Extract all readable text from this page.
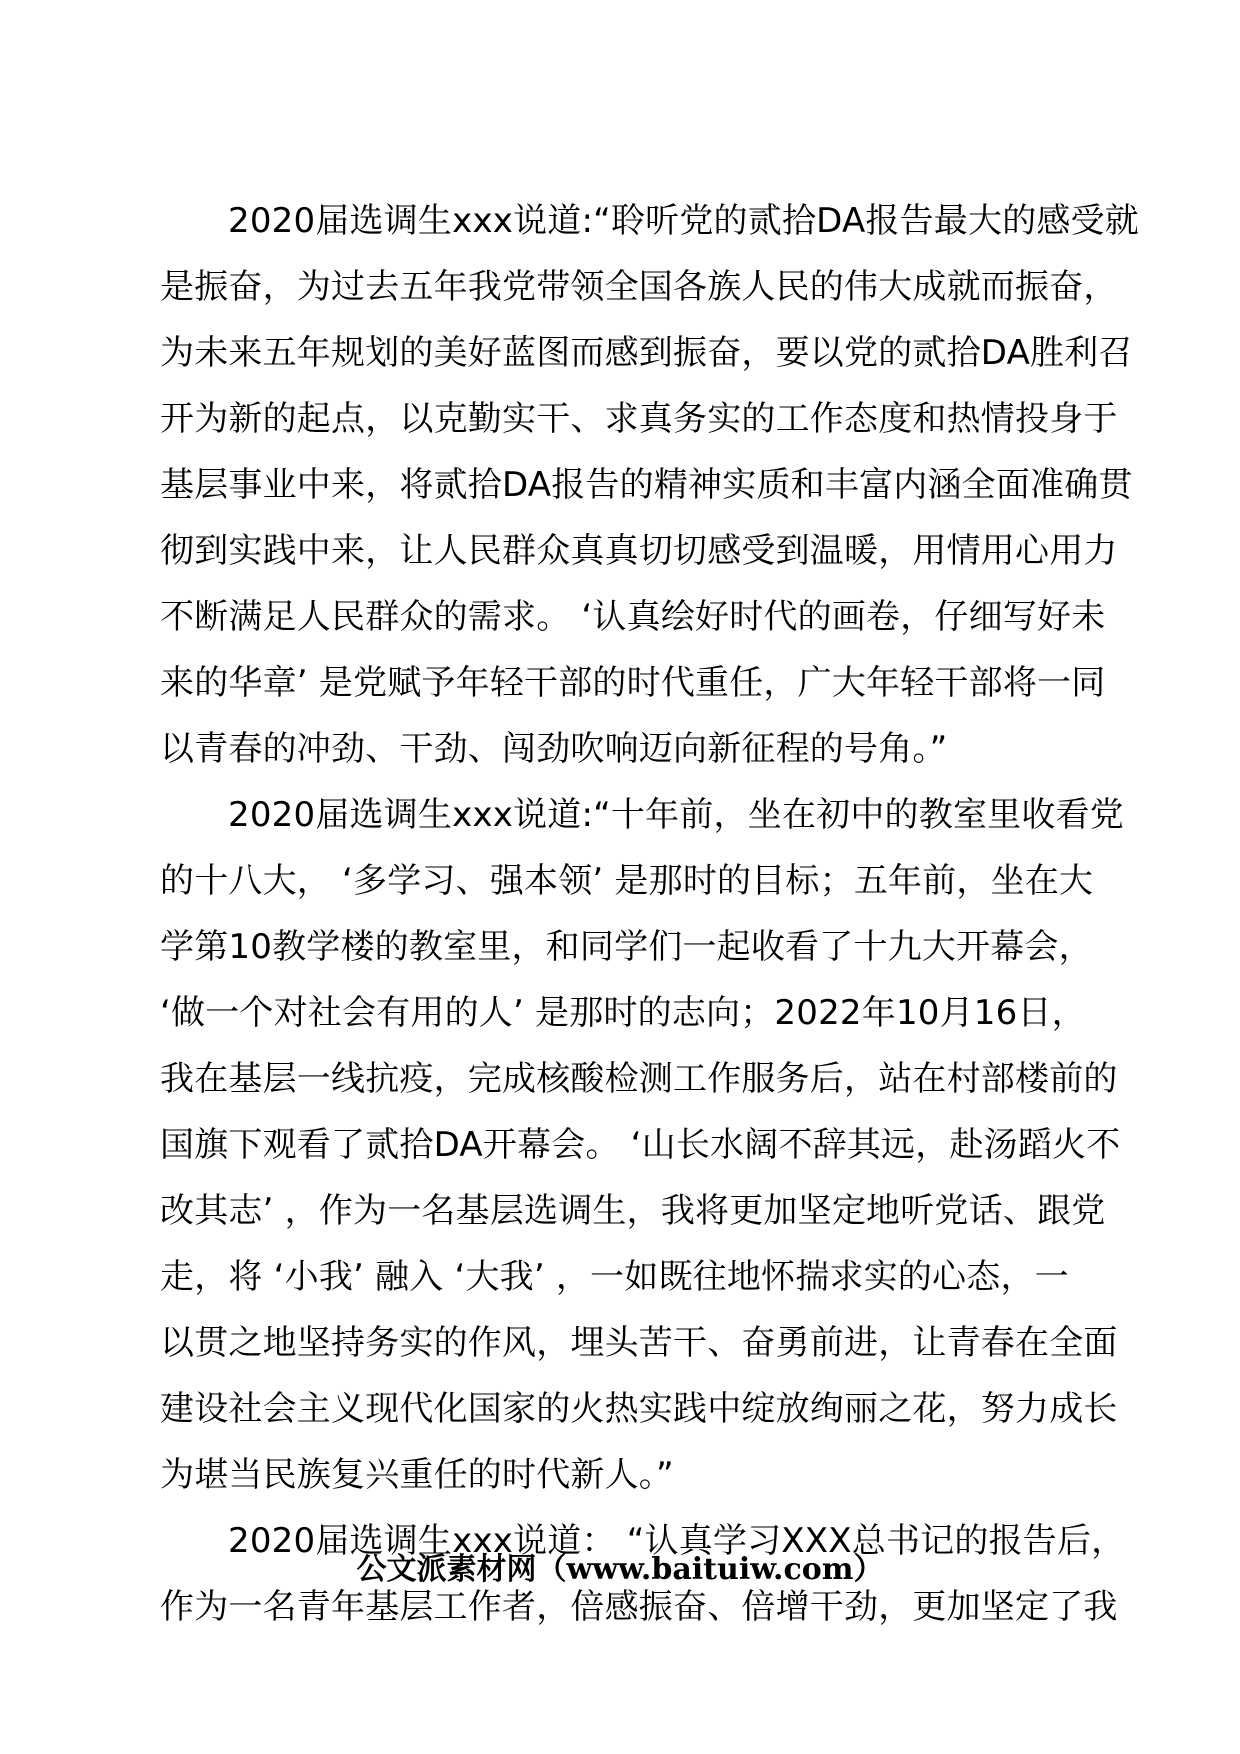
2020届选调生xxx说道:“聆听党的贰拾DA报告最大的感受就
是振奋，为过去五年我党带领全国各族人民的伟大成就而振奋，
为未来五年规划的美好蓝图而感到振奋，要以党的贰拾DA胜利召
开为新的起点，以克勤实干、求真务实的工作态度和热情投身于
基层事业中来，将贰拾DA报告的精神实质和丰富内涵全面准确贯
彻到实践中来，让人民群众真真切切感受到温暖，用情用心用力
不断满足人民群众的需求。 ‘认真绘好时代的画卷，仔细写好未
来的华章’ 是党赋予年轻干部的时代重任，广大年轻干部将一同
以青春的冲劲、干劲、闯劲吹响迈向新征程的号角。”
2020届选调生xxx说道:“十年前，坐在初中的教室里收看党
的十八大， ‘多学习、强本领’ 是那时的目标；五年前，坐在大
学第10教学楼的教室里，和同学们一起收看了十九大开幕会，
‘做一个对社会有用的人’ 是那时的志向；2022年10月16日，
我在基层一线抗疫，完成核酸检测工作服务后，站在村部楼前的
国旗下观看了贰拾DA开幕会。 ‘山长水阔不辞其远，赴汤蹈火不
改其志’ ，作为一名基层选调生，我将更加坚定地听党话、跟党
走，将 ‘小我’ 融入 ‘大我’ ，一如既往地怀揣求实的心态，一
以贯之地坚持务实的作风，埋头苦干、奋勇前进，让青春在全面
建设社会主义现代化国家的火热实践中绽放绚丽之花，努力成长
为堪当民族复兴重任的时代新人。”
2020届选调生xxx说道： “认真学习XXX总书记的报告后，
作为一名青年基层工作者，倍感振奋、倍增干劲，更加坚定了我
公文派素材网（www.baituiw.com）
